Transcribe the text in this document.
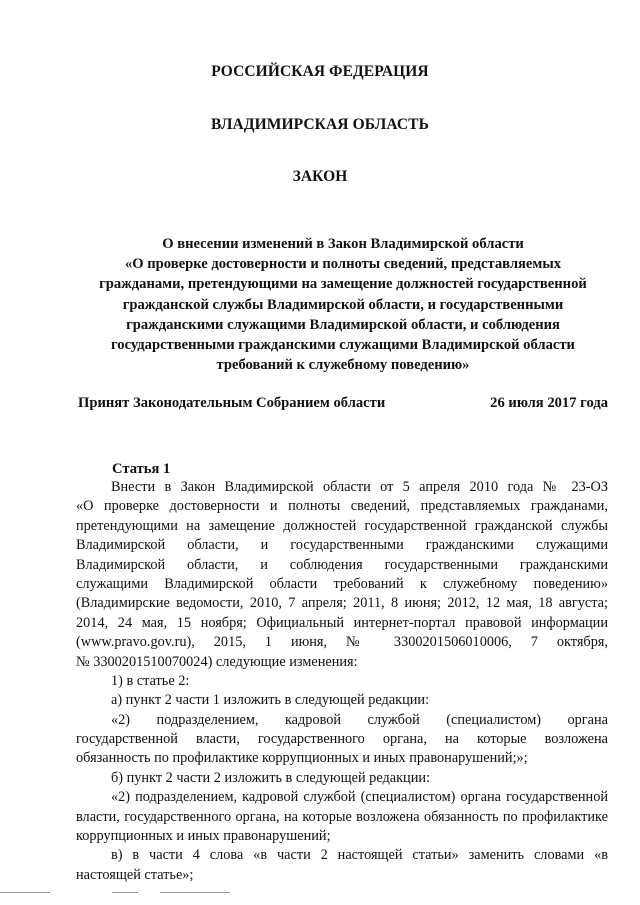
РОССИЙСКАЯ ФЕДЕРАЦИЯ
ВЛАДИМИРСКАЯ ОБЛАСТЬ
ЗАКОН
О внесении изменений в Закон Владимирской области
«О проверке достоверности и полноты сведений, представляемых
гражданами, претендующими на замещение должностей государственной
гражданской службы Владимирской области, и государственными
гражданскими служащими Владимирской области, и соблюдения
государственными гражданскими служащими Владимирской области
требований к служебному поведению»
Принят Законодательным Собранием области	26 июля 2017 года
Статья 1
Внести в Закон Владимирской области от 5 апреля 2010 года № 23-ОЗ
«О проверке достоверности и полноты сведений, представляемых гражданами,
претендующими на замещение должностей государственной гражданской службы
Владимирской области, и государственными гражданскими служащими
Владимирской области, и соблюдения государственными гражданскими
служащими Владимирской области требований к служебному поведению»
(Владимирские ведомости, 2010, 7 апреля; 2011, 8 июня; 2012, 12 мая, 18 августа;
2014, 24 мая, 15 ноября; Официальный интернет-портал правовой информации
(www.pravo.gov.ru), 2015, 1 июня, № 3300201506010006, 7 октября,
№ 3300201510070024) следующие изменения:
1) в статье 2:
а) пункт 2 части 1 изложить в следующей редакции:
«2) подразделением, кадровой службой (специалистом) органа
государственной власти, государственного органа, на которые возложена
обязанность по профилактике коррупционных и иных правонарушений;»;
б) пункт 2 части 2 изложить в следующей редакции:
«2) подразделением, кадровой службой (специалистом) органа государственной
власти, государственного органа, на которые возложена обязанность по профилактике
коррупционных и иных правонарушений;
в) в части 4 слова «в части 2 настоящей статьи» заменить словами «в
настоящей статье»;
